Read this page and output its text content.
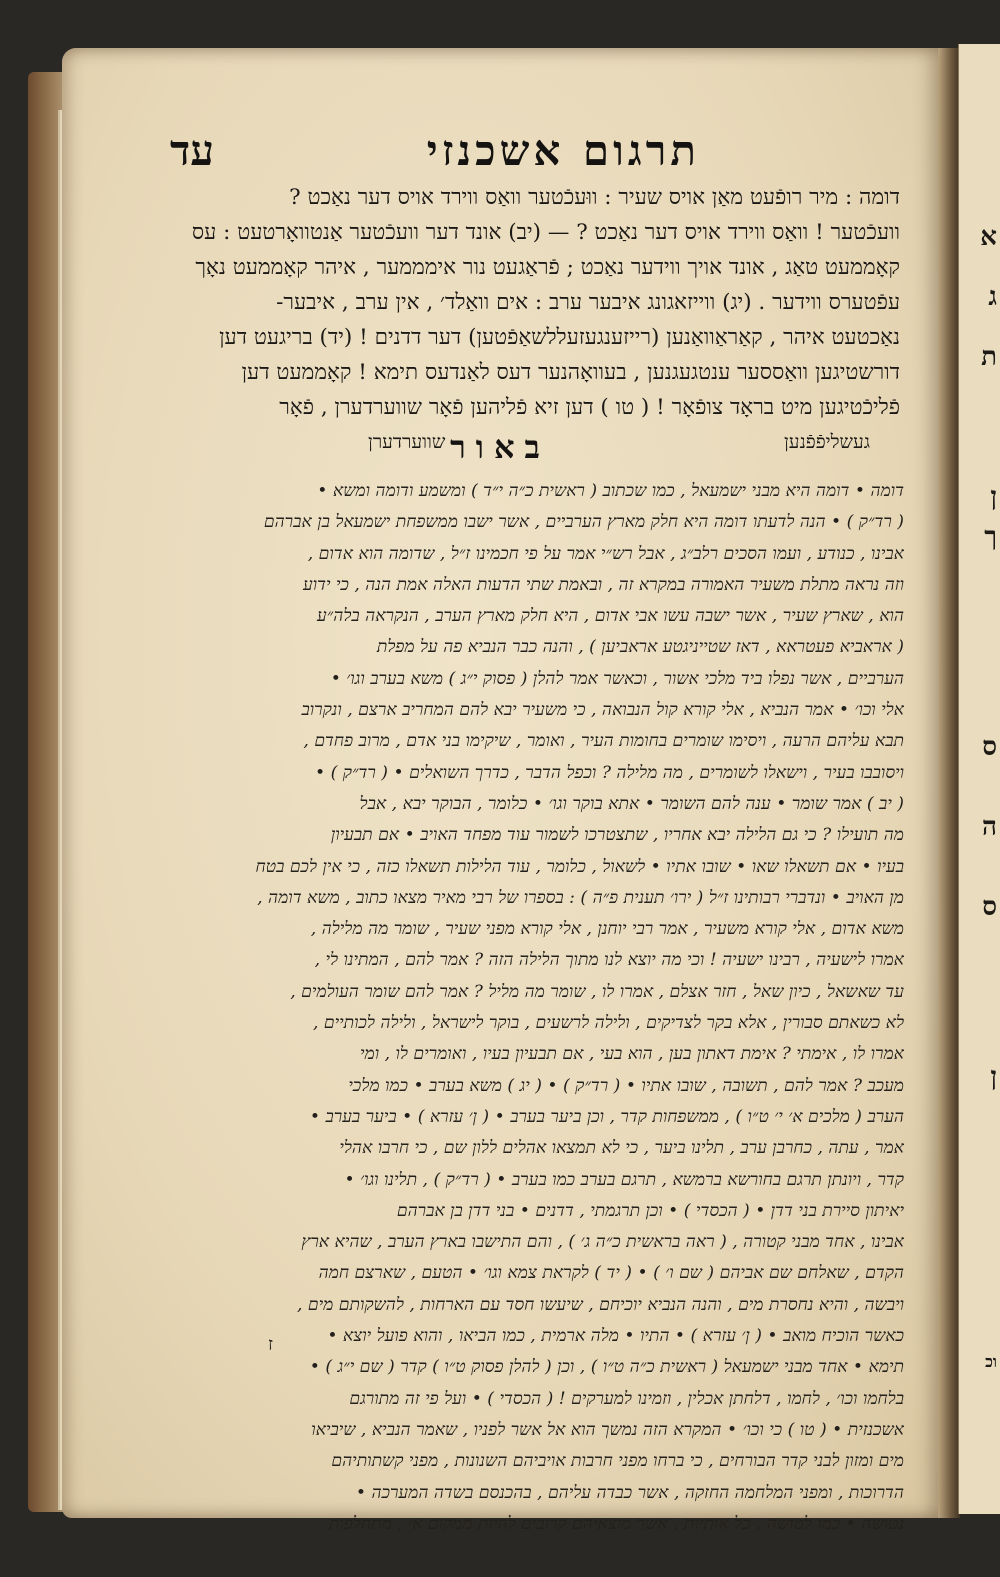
א
ג
ת
ן
ך
ס
ה
ס
ן
וכ
תרגום אשכנזי
עד
דומה : מיר רופֿעט מאַן אויס שעיר : ווּעכֿטער וואַס ווירד אויס דער נאַכט ?
וועכֿטער ! וואַס ווירד אויס דער נאַכט ? — (יב) אונד דער וועכֿטער אַנטוואָרטעט : עס
קאָממעט טאַג , אונד אויך ווידער נאַכט ; פֿראַגעט נור אימממער , איהר קאָממעט נאָך
עפֿטערס ווידער . (יג) ווייזאגונג איבער ערב : אים וואַלד׳ , אין ערב , איבער-
נאַכטעט איהר , קאַראַוואַנען (רייזענגעזעללשאַפֿטען) דער דדנים ! (יד) בריגעט דען
דורשטיגען וואַססער ענטגעגנען , בעוואָהנער דעס לאַנדעס תימא ! קאָממעט דען
פֿליכֿטיגען מיט בראָד צופֿאָר ! ( טו ) דען זיא פֿליהען פֿאָר שווערדערן , פֿאָר
געשליפֿפֿנען
שווערדערן באור
דומה • דומה היא מבני ישמעאל , כמו שכתוב ( ראשית כ״ה י״ד ) ומשמע ודומה ומשא •
( רד״ק ) • הנה לדעתו דומה היא חלק מארץ הערביים , אשר ישבו ממשפחת ישמעאל בן אברהם
אבינו , כנודע , ועמו הסכים רלב״ג , אבל רש״י אמר על פי חכמינו ז״ל , שדומה הוא אדום ,
וזה נראה מתלת משעיר האמורה במקרא זה , ובאמת שתי הדעות האלה אמת הנה , כי ידוע
הוא , שארץ שעיר , אשר ישבה עשו אבי אדום , היא חלק מארץ הערב , הנקראה בלה״ע
( אראביא פעטראא , דאז שטייניגטע אראביען ) , והנה כבר הנביא פה על מפלת
הערביים , אשר נפלו ביד מלכי אשור , וכאשר אמר להלן ( פסוק י״ג ) משא בערב וגו׳ •
אלי וכו׳ • אמר הנביא , אלי קורא קול הנבואה , כי משעיר יבא להם המחריב ארצם , ונקרוב
תבא עליהם הרעה , ויסימו שומרים בחומות העיר , ואומר , שיקימו בני אדם , מרוב פחדם ,
ויסובבו בעיר , וישאלו לשומרים , מה מלילה ? וכפל הדבר , כדרך השואלים • ( רד״ק ) •
( יב ) אמר שומר • ענה להם השומר • אתא בוקר וגו׳ • כלומר , הבוקר יבא , אבל
מה תועילו ? כי גם הלילה יבא אחריו , שתצטרכו לשמור עוד מפחד האויב • אם תבעיון
בעיו • אם תשאלו שאו • שובו אתיו • לשאול , כלומר , עוד הלילות תשאלו כזה , כי אין לכם בטח
מן האויב • ונדברי רבותינו ז״ל ( ירו׳ תענית פ״ה ) : בספרו של רבי מאיר מצאו כתוב , משא דומה ,
משא אדום , אלי קורא משעיר , אמר רבי יוחנן , אלי קורא מפני שעיר , שומר מה מלילה ,
אמרו לישעיה , רבינו ישעיה ! וכי מה יוצא לנו מתוך הלילה הזה ? אמר להם , המתינו לי ,
עד שאשאל , כיון שאל , חזר אצלם , אמרו לו , שומר מה מליל ? אמר להם שומר העולמים ,
לא כשאתם סבורין , אלא בקר לצדיקים , ולילה לרשעים , בוקר לישראל , ולילה לכותיים ,
אמרו לו , אימתי ? אימת דאתון בען , הוא בעי , אם תבעיון בעיו , ואומרים לו , ומי
מעכב ? אמר להם , תשובה , שובו אתיו • ( רד״ק ) • ( יג ) משא בערב • כמו מלכי
הערב ( מלכים א׳ י׳ ט״ו ) , ממשפחות קדר , וכן ביער בערב • ( ן׳ עזרא ) • ביער בערב •
אמר , עתה , כחרבן ערב , תלינו ביער , כי לא תמצאו אהלים ללון שם , כי חרבו אהלי
קדר , ויונתן תרגם בחורשא ברמשא , תרגם בערב כמו בערב • ( רד״ק ) , תלינו וגו׳ •
יאיתון סיירת בני דדן • ( הכסדי ) • וכן תרגמתי , דדנים • בני דדן בן אברהם
אבינו , אחד מבני קטורה , ( ראה בראשית כ״ה ג׳ ) , והם התישבו בארץ הערב , שהיא ארץ
הקדם , שאלחם שם אביהם ( שם ו׳ ) • ( יד ) לקראת צמא וגו׳ • הטעם , שארצם חמה
ויבשה , והיא נחסרת מים , והנה הנביא יוכיחם , שיעשו חסד עם הארחות , להשקותם מים ,
כאשר הוכיח מואב • ( ן׳ עזרא ) • התיו • מלה ארמית , כמו הביאו , והוא פועל יוצא •
תימא • אחד מבני ישמעאל ( ראשית כ״ה ט״ו ) , וכן ( להלן פסוק ט״ו ) קדר ( שם י״ג ) •
בלחמו וכו׳ , לחמו , דלחתן אכלין , וזמינו למערקים ! ( הכסדי ) • ועל פי זה מתורגם
אשכנזית • ( טו ) כי וכו׳ • המקרא הזה נמשך הוא אל אשר לפניו , שאמר הנביא , שיביאו
מים ומזון לבני קדר הבורחים , כי ברחו מפני חרבות אויביהם השנונות , מפני קשתותיהם
הדרוכות , ומפני המלחמה החזקה , אשר כבדה עליהם , בהכנסם בשדה המערכה •
נטושה • כמו לטושה , כל אותיות , אשר מוצאיהם קרובים להיות ממקום א׳ , מתחלפות
ז
